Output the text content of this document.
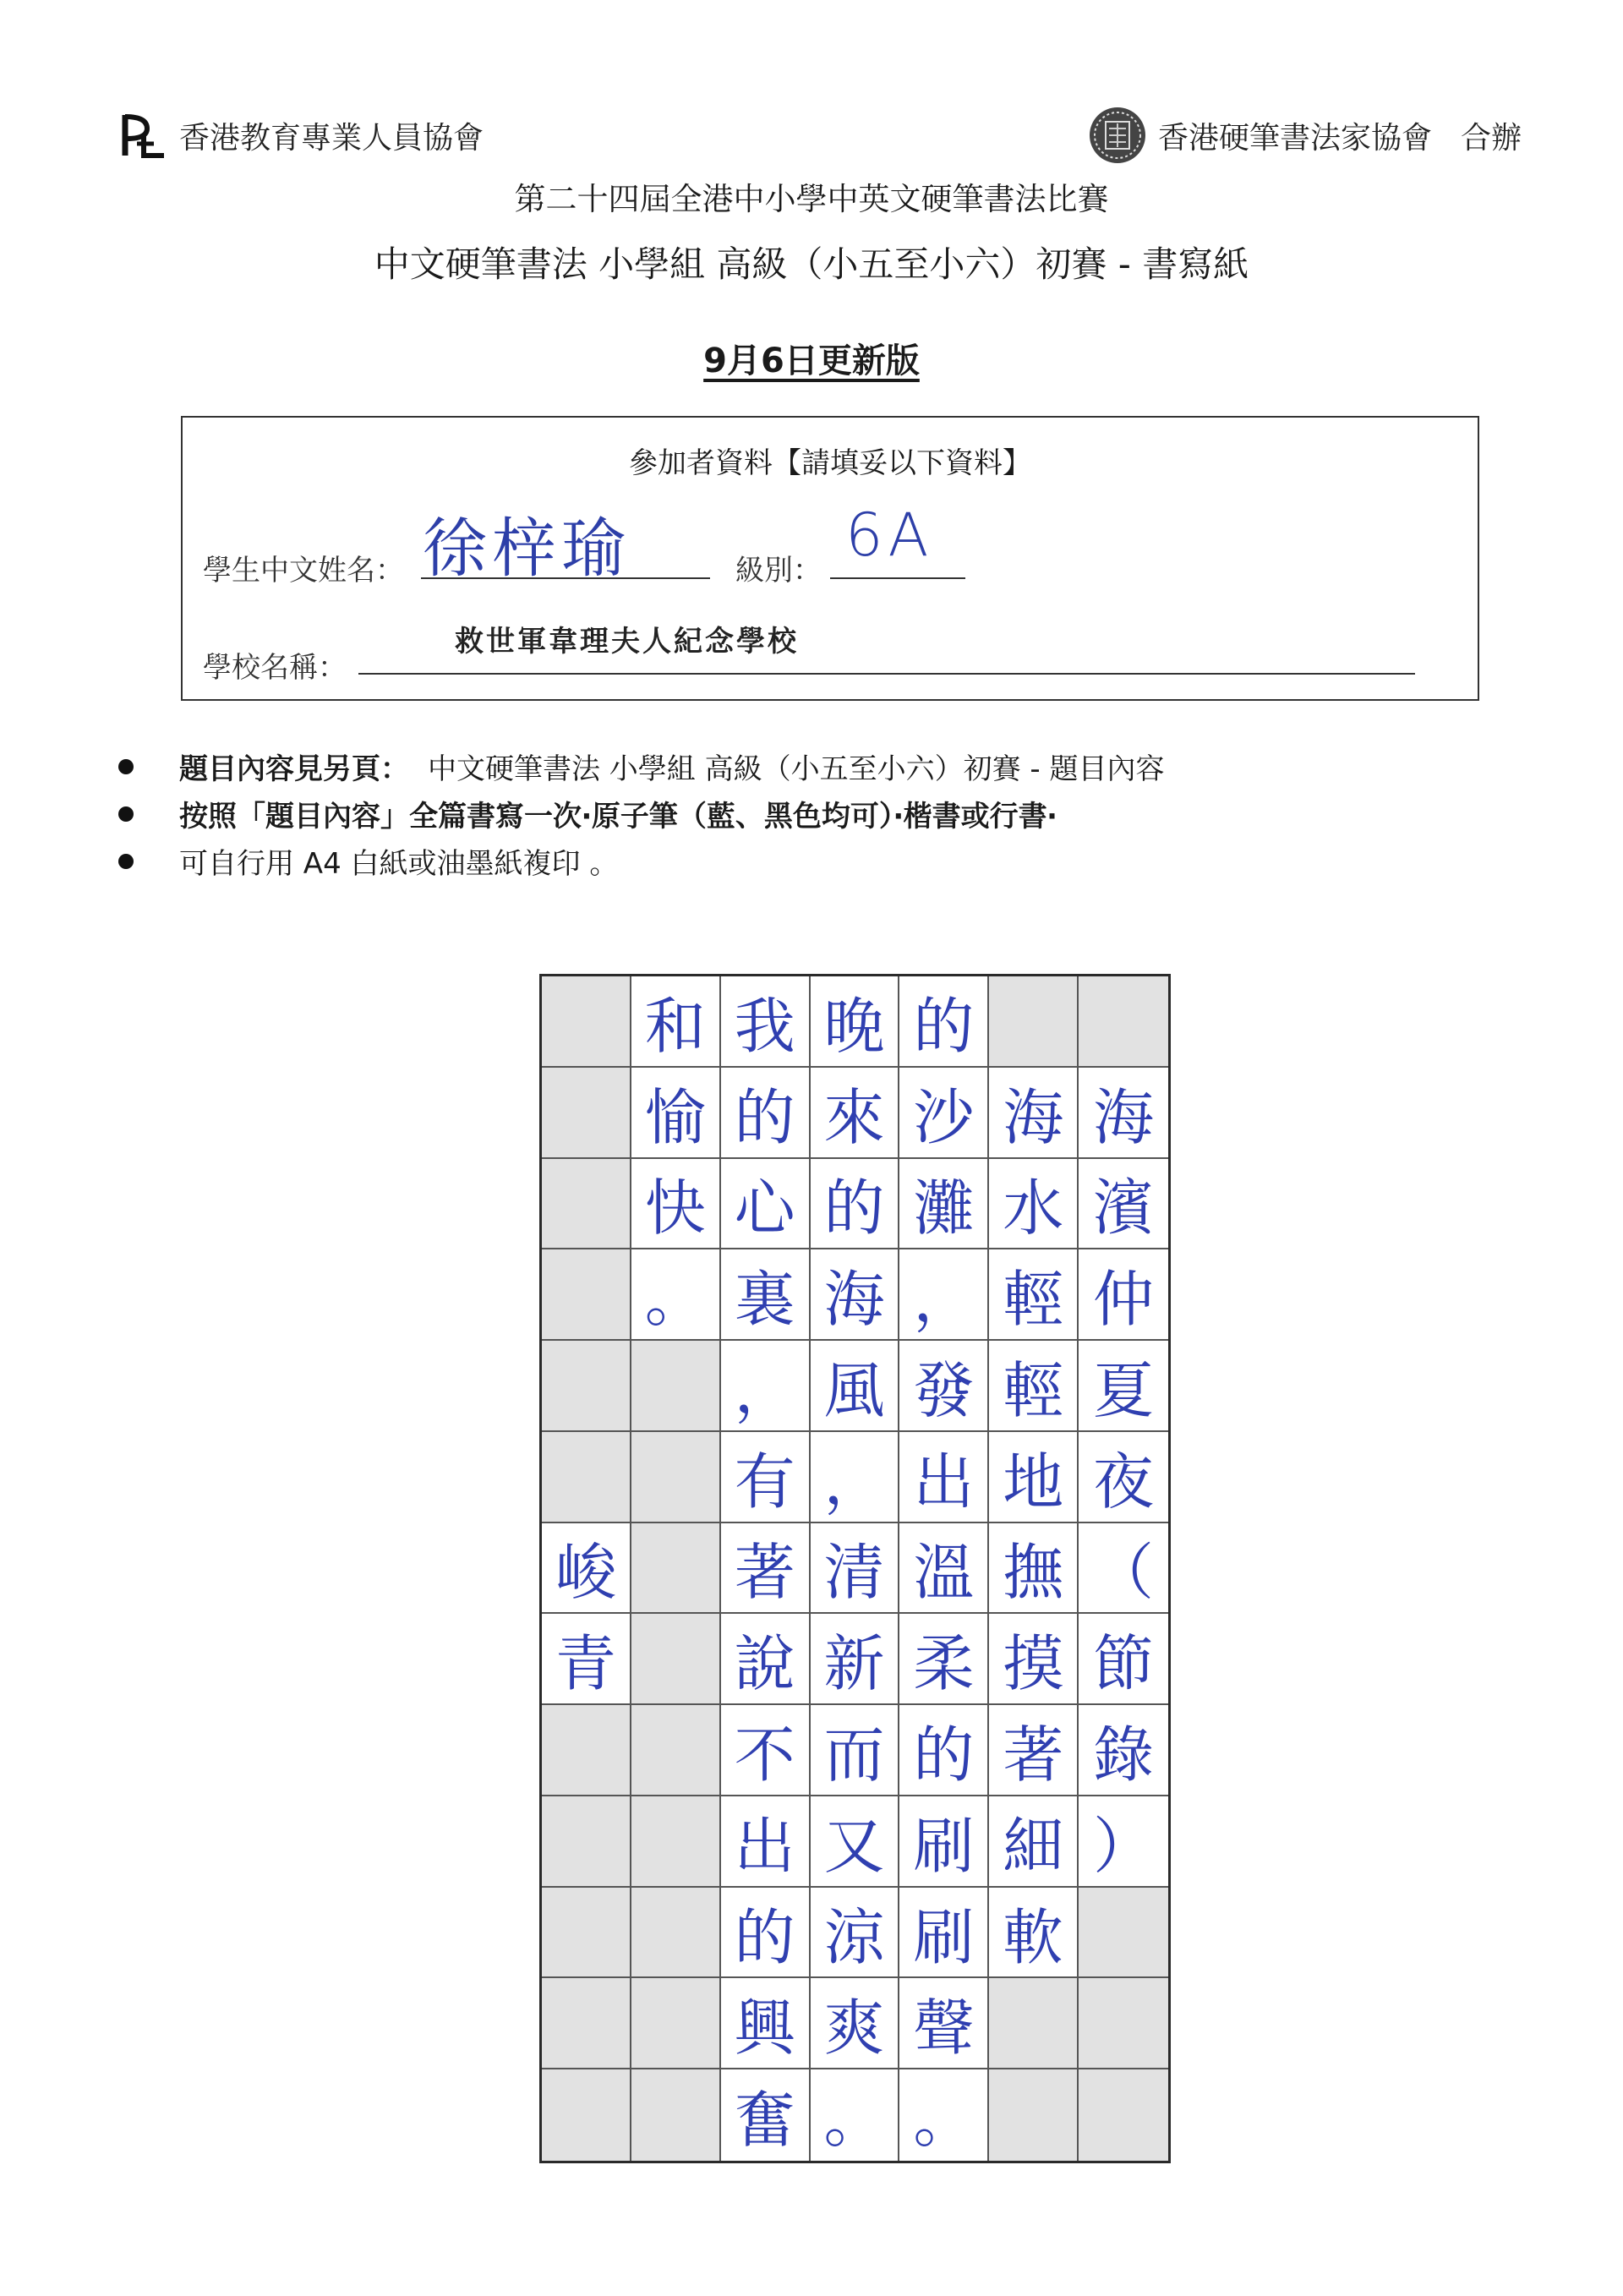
香港教育專業人員協會	香港硬筆書法家協會 合辦
第二十四屆全港中小學中英文硬筆書法比賽
中文硬筆書法 小學組 高級（小五至小六）初賽 - 書寫紙
9月6日更新版
參加者資料【請填妥以下資料】
學生中文姓名： 徐梓瑜	級別：
6A
學校名稱：
救世軍韋理夫人紀念學校
題目內容見另頁： 中文硬筆書法 小學組 高級（小五至小六）初賽 - 題目內容
按照「題目內容」全篇書寫一次‧原子筆（藍、黑色均可）‧楷書或行書‧
可自行用 A4 白紙或油墨紙複印 。
和 我 晚 的
愉 的 來 沙 海 海
快 心 的 灘 水 濱
。 裏 海 ， 輕 仲
， 風 發 輕 夏
有 ， 出 地 夜
峻 著 清 溫 撫 （
青 說 新 柔 摸 節
不 而 的 著 錄
出 又 刷 細 ）
的 涼 刷 軟
興 爽 聲
奮 。 。
